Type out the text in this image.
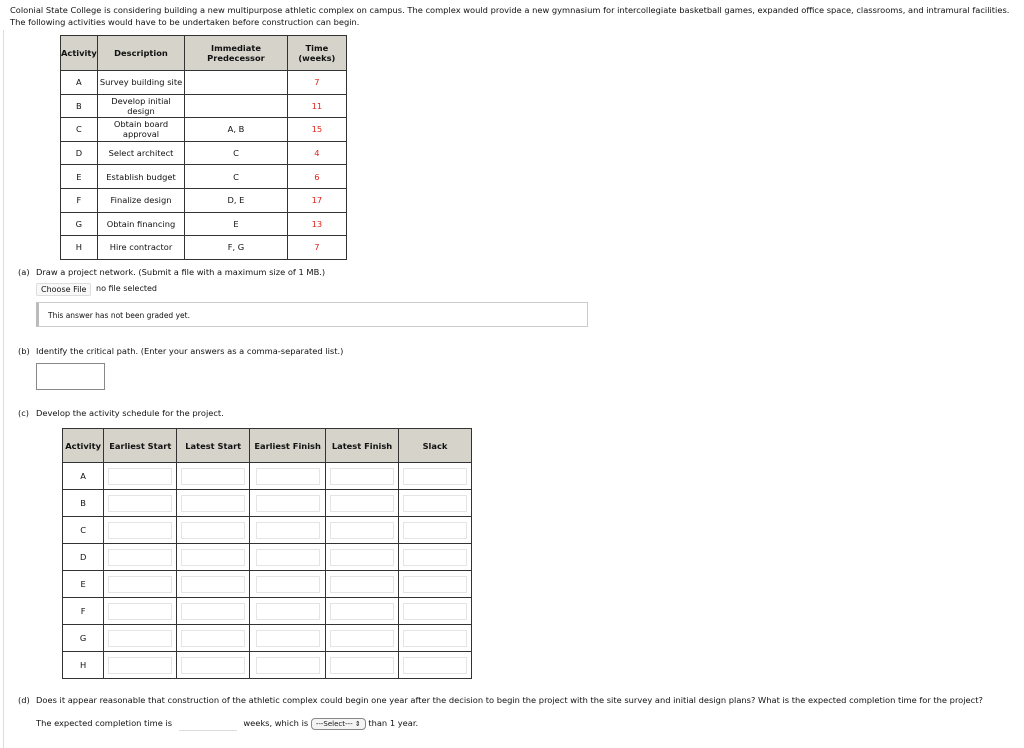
Colonial State College is considering building a new multipurpose athletic complex on campus. The complex would provide a new gymnasium for intercollegiate basketball games, expanded office space, classrooms, and intramural facilities. The following activities would have to be undertaken before construction can begin.
Activity	Description	Immediate Predecessor	Time (weeks)
A	Survey building site		7
B	Develop initial design		11
C	Obtain board approval	A, B	15
D	Select architect	C	4
E	Establish budget	C	6
F	Finalize design	D, E	17
G	Obtain financing	E	13
H	Hire contractor	F, G	7
(a) Draw a project network. (Submit a file with a maximum size of 1 MB.)
Choose File	no file selected
This answer has not been graded yet.
(b) Identify the critical path. (Enter your answers as a comma-separated list.)
(c) Develop the activity schedule for the project.
Activity	Earliest Start	Latest Start	Earliest Finish	Latest Finish	Slack
A	

B	

C	

D	

E	

F	

G	

H	

(d) Does it appear reasonable that construction of the athletic complex could begin one year after the decision to begin the project with the site survey and initial design plans? What is the expected completion time for the project?
The expected completion time is	weeks, which is ---Select--- ⇕ than 1 year.
